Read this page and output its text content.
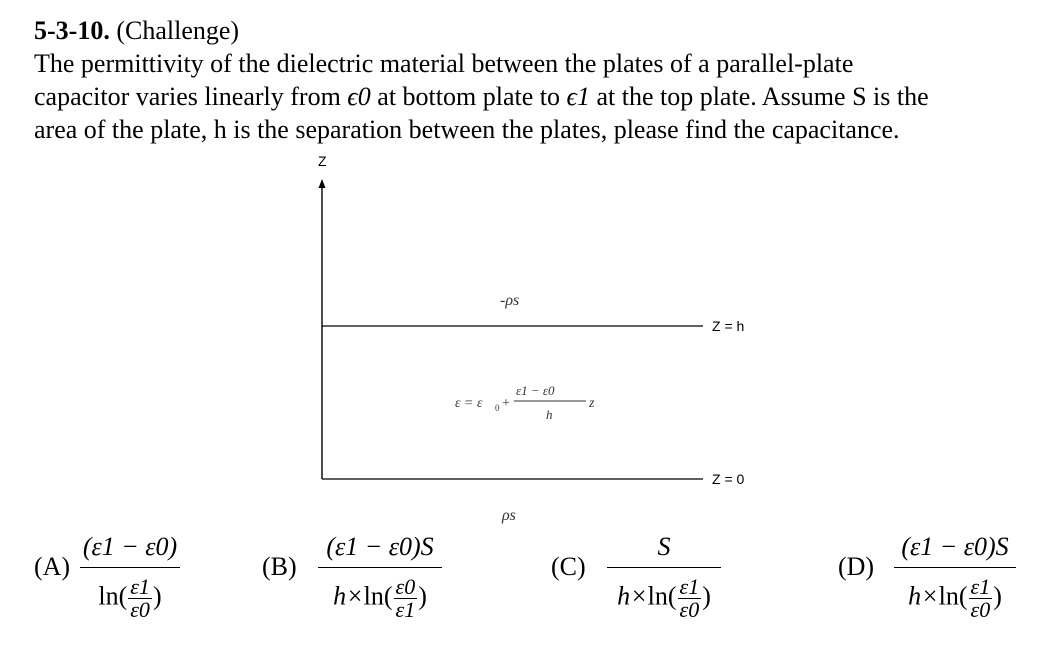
5-3-10. (Challenge)

The permittivity of the dielectric material between the plates of a parallel-plate

capacitor varies linearly from ϵ0 at bottom plate to ϵ1 at the top plate. Assume S is the

area of the plate, h is the separation between the plates, please find the capacitance.

Z
Z = h
Z = 0
-ρs
ρs
ε = ε 0 +
ε1 − ε0
h
z
(A)
(ε1 − ε0)
$\ln( \frac{\varepsilon 1}{\varepsilon 0}$ )
(B)
(ε1 − ε0)S
$h\times\ln( \frac{\varepsilon 0}{\varepsilon 1}$ )
(C)
S
$h\times\ln( \frac{\varepsilon 1}{\varepsilon 0}$ )
(D)
(ε1 − ε0)S
$h\times\ln( \frac{\varepsilon 1}{\varepsilon 0}$ )
